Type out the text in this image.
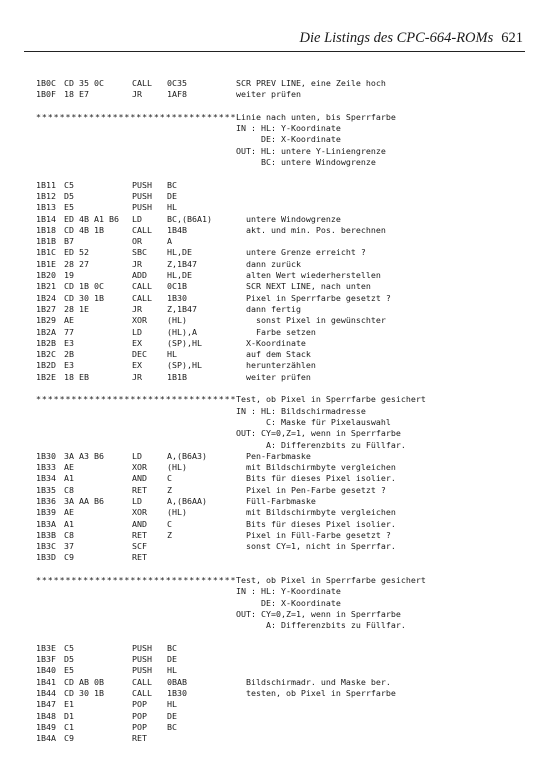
Die Listings des CPC-664-ROMs 621
1B0C CD 35 0C	CALL 0C35	SCR PREV LINE, eine Zeile hoch
1B0F 18 E7	JR	1AF8	weiter prüfen
********************************** Linie nach unten, bis Sperrfarbe
IN : HL: Y-Koordinate
DE: X-Koordinate
OUT: HL: untere Y-Liniengrenze
BC: untere Windowgrenze
1B11 C5	PUSH BC
1B12 D5	PUSH DE
1B13 E5	PUSH HL
1B14 ED 4B A1 B6 LD	BC,(B6A1)	untere Windowgrenze
1B18 CD 4B 1B	CALL 1B4B	akt. und min. Pos. berechnen
1B1B B7	OR	A
1B1C ED 52	SBC HL,DE	untere Grenze erreicht ?
1B1E 28 27	JR	Z,1B47	dann zurück
1B20 19	ADD HL,DE	alten Wert wiederherstellen
1B21 CD 1B 0C	CALL 0C1B	SCR NEXT LINE, nach unten
1B24 CD 30 1B	CALL 1B30	Pixel in Sperrfarbe gesetzt ?
1B27 28 1E	JR	Z,1B47	dann fertig
1B29 AE	XOR (HL)	sonst Pixel in gewünschter
1B2A 77	LD	(HL),A	Farbe setzen
1B2B E3	EX	(SP),HL	X-Koordinate
1B2C 2B	DEC HL	auf dem Stack
1B2D E3	EX	(SP),HL	herunterzählen
1B2E 18 EB	JR	1B1B	weiter prüfen
********************************** Test, ob Pixel in Sperrfarbe gesichert
IN : HL: Bildschirmadresse
C: Maske für Pixelauswahl
OUT: CY=0,Z=1, wenn in Sperrfarbe
A: Differenzbits zu Füllfar.
1B30 3A A3 B6	LD	A,(B6A3)	Pen-Farbmaske
1B33 AE	XOR (HL)	mit Bildschirmbyte vergleichen
1B34 A1	AND C	Bits für dieses Pixel isolier.
1B35 C8	RET Z	Pixel in Pen-Farbe gesetzt ?
1B36 3A AA B6	LD	A,(B6AA)	Füll-Farbmaske
1B39 AE	XOR (HL)	mit Bildschirmbyte vergleichen
1B3A A1	AND C	Bits für dieses Pixel isolier.
1B3B C8	RET Z	Pixel in Füll-Farbe gesetzt ?
1B3C 37	SCF	sonst CY=1, nicht in Sperrfar.
1B3D C9	RET
********************************** Test, ob Pixel in Sperrfarbe gesichert
IN : HL: Y-Koordinate
DE: X-Koordinate
OUT: CY=0,Z=1, wenn in Sperrfarbe
A: Differenzbits zu Füllfar.
1B3E C5	PUSH BC
1B3F D5	PUSH DE
1B40 E5	PUSH HL
1B41 CD AB 0B	CALL 0BAB	Bildschirmadr. und Maske ber.
1B44 CD 30 1B	CALL 1B30	testen, ob Pixel in Sperrfarbe
1B47 E1	POP HL
1B48 D1	POP DE
1B49 C1	POP BC
1B4A C9	RET
